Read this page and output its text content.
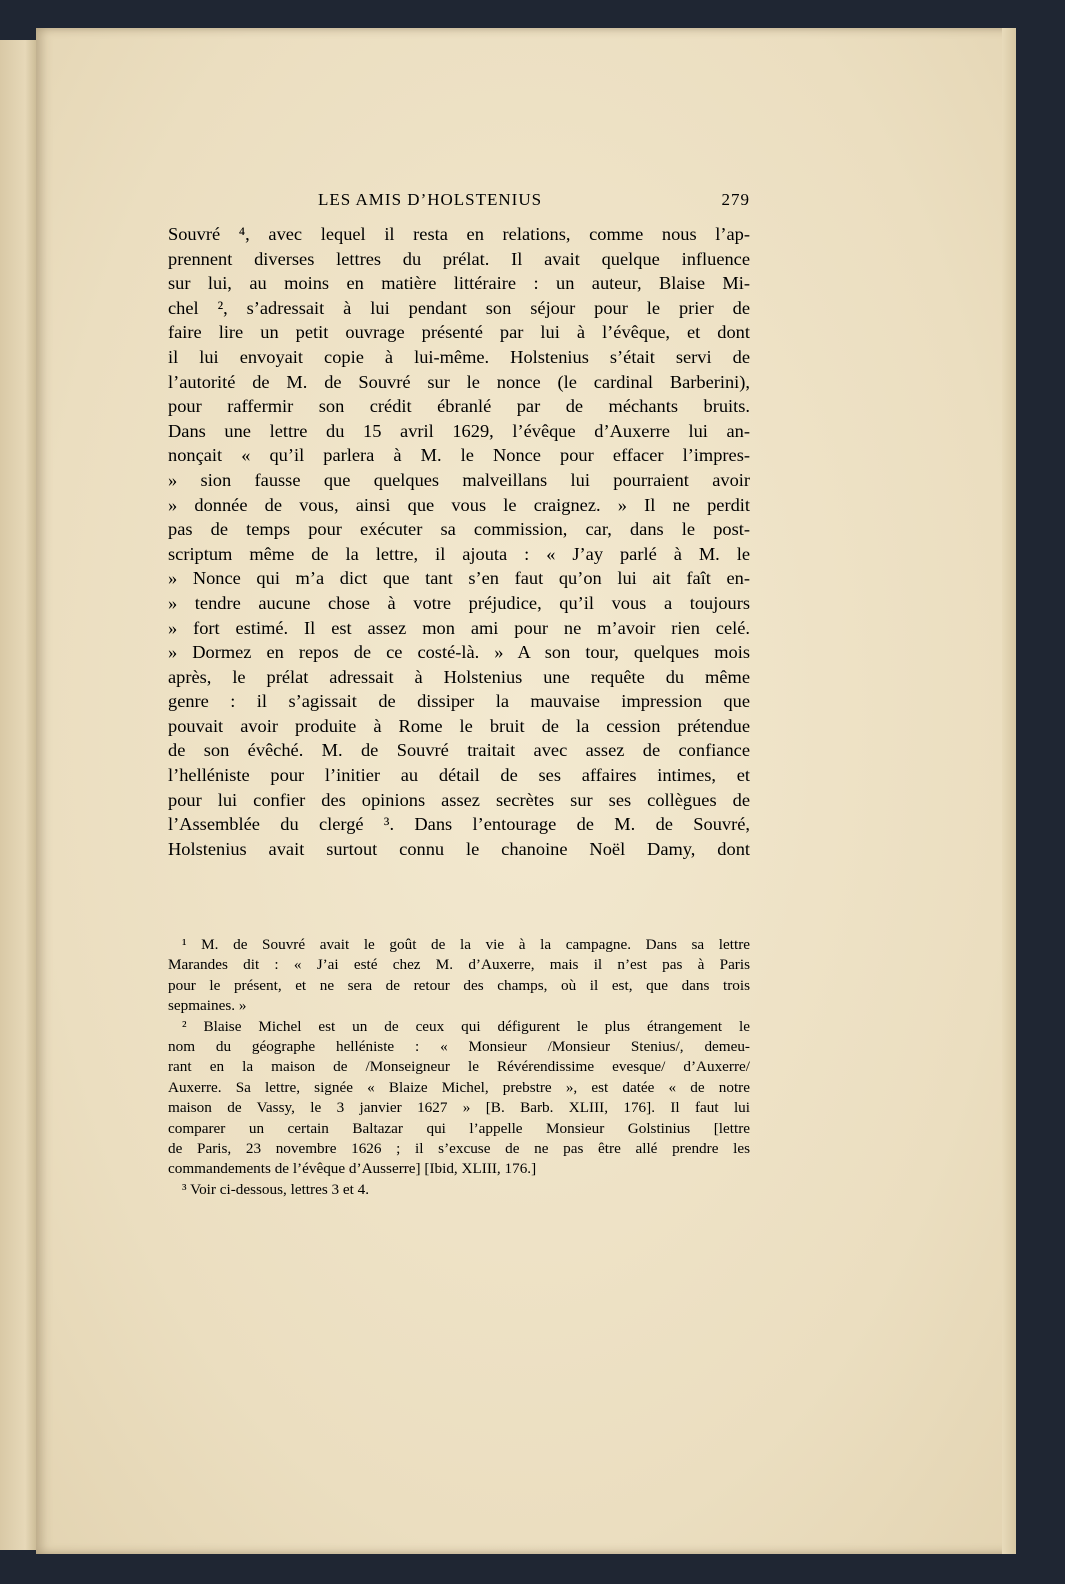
LES AMIS D’HOLSTENIUS	279
Souvré ⁴, avec lequel il resta en relations, comme nous l’ap-
prennent diverses lettres du prélat. Il avait quelque influence
sur lui, au moins en matière littéraire : un auteur, Blaise Mi-
chel ², s’adressait à lui pendant son séjour pour le prier de
faire lire un petit ouvrage présenté par lui à l’évêque, et dont
il lui envoyait copie à lui-même. Holstenius s’était servi de
l’autorité de M. de Souvré sur le nonce (le cardinal Barberini),
pour raffermir son crédit ébranlé par de méchants bruits.
Dans une lettre du 15 avril 1629, l’évêque d’Auxerre lui an-
nonçait « qu’il parlera à M. le Nonce pour effacer l’impres-
» sion fausse que quelques malveillans lui pourraient avoir
» donnée de vous, ainsi que vous le craignez. » Il ne perdit
pas de temps pour exécuter sa commission, car, dans le post-
scriptum même de la lettre, il ajouta : « J’ay parlé à M. le
» Nonce qui m’a dict que tant s’en faut qu’on lui ait faît en-
» tendre aucune chose à votre préjudice, qu’il vous a toujours
» fort estimé. Il est assez mon ami pour ne m’avoir rien celé.
» Dormez en repos de ce costé-là. » A son tour, quelques mois
après, le prélat adressait à Holstenius une requête du même
genre : il s’agissait de dissiper la mauvaise impression que
pouvait avoir produite à Rome le bruit de la cession prétendue
de son évêché. M. de Souvré traitait avec assez de confiance
l’helléniste pour l’initier au détail de ses affaires intimes, et
pour lui confier des opinions assez secrètes sur ses collègues de
l’Assemblée du clergé ³. Dans l’entourage de M. de Souvré,
Holstenius avait surtout connu le chanoine Noël Damy, dont
¹ M. de Souvré avait le goût de la vie à la campagne. Dans sa lettre
Marandes dit : « J’ai esté chez M. d’Auxerre, mais il n’est pas à Paris
pour le présent, et ne sera de retour des champs, où il est, que dans trois
sepmaines. »
² Blaise Michel est un de ceux qui défigurent le plus étrangement le
nom du géographe helléniste : « Monsieur /Monsieur Stenius/, demeu-
rant en la maison de /Monseigneur le Révérendissime evesque/ d’Auxerre/
Auxerre. Sa lettre, signée « Blaize Michel, prebstre », est datée « de notre
maison de Vassy, le 3 janvier 1627 » [B. Barb. XLIII, 176]. Il faut lui
comparer un certain Baltazar qui l’appelle Monsieur Golstinius [lettre
de Paris, 23 novembre 1626 ; il s’excuse de ne pas être allé prendre les
commandements de l’évêque d’Ausserre] [Ibid, XLIII, 176.]
³ Voir ci-dessous, lettres 3 et 4.
